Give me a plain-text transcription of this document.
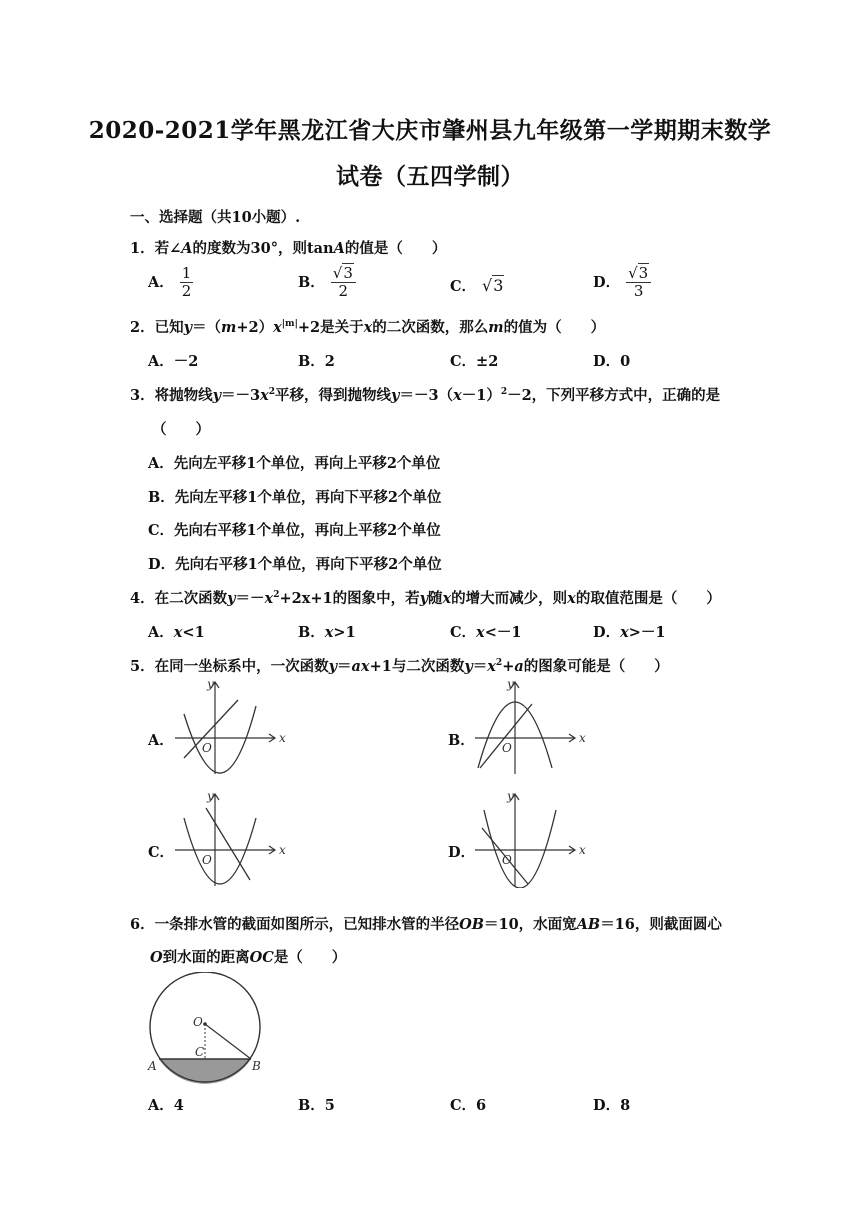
2020-2021学年黑龙江省大庆市肇州县九年级第一学期期末数学
试卷（五四学制）
一、选择题（共10小题）.
1．若∠A的度数为30°，则tanA的值是（　　）
A． $\frac{1}{2}$	B． $\frac{√3}{2}$	C． √3	D． $\frac{√3}{3}$
2．已知$y=(m+2)x^{|m|}+2$是关于x的二次函数，那么m的值为（　　）
A．－2	B．2	C．±2	D．0
3．将抛物线$y=-3x^2$平移，得到抛物线$y=-3(x-1)^2-2$，下列平移方式中，正确的是
（　　）
A．先向左平移1个单位，再向上平移2个单位
B．先向左平移1个单位，再向下平移2个单位
C．先向右平移1个单位，再向上平移2个单位
D．先向右平移1个单位，再向下平移2个单位
4．在二次函数$y=-x^2+2x+1$的图象中，若y随x的增大而减少，则x的取值范围是（　　）
A．x<1	B．x>1	C．x<－1	D．x>－1
5．在同一坐标系中，一次函数y＝ax+1与二次函数$y=x^2+a$的图象可能是（　　）
A．	B．
C．	D．
x
y
O
x
y
O
x
y
O
x
y
O
6．一条排水管的截面如图所示，已知排水管的半径OB＝10，水面宽AB＝16，则截面圆心
O到水面的距离OC是（　　）
O
C
A	B
A．4	B．5	C．6	D．8
